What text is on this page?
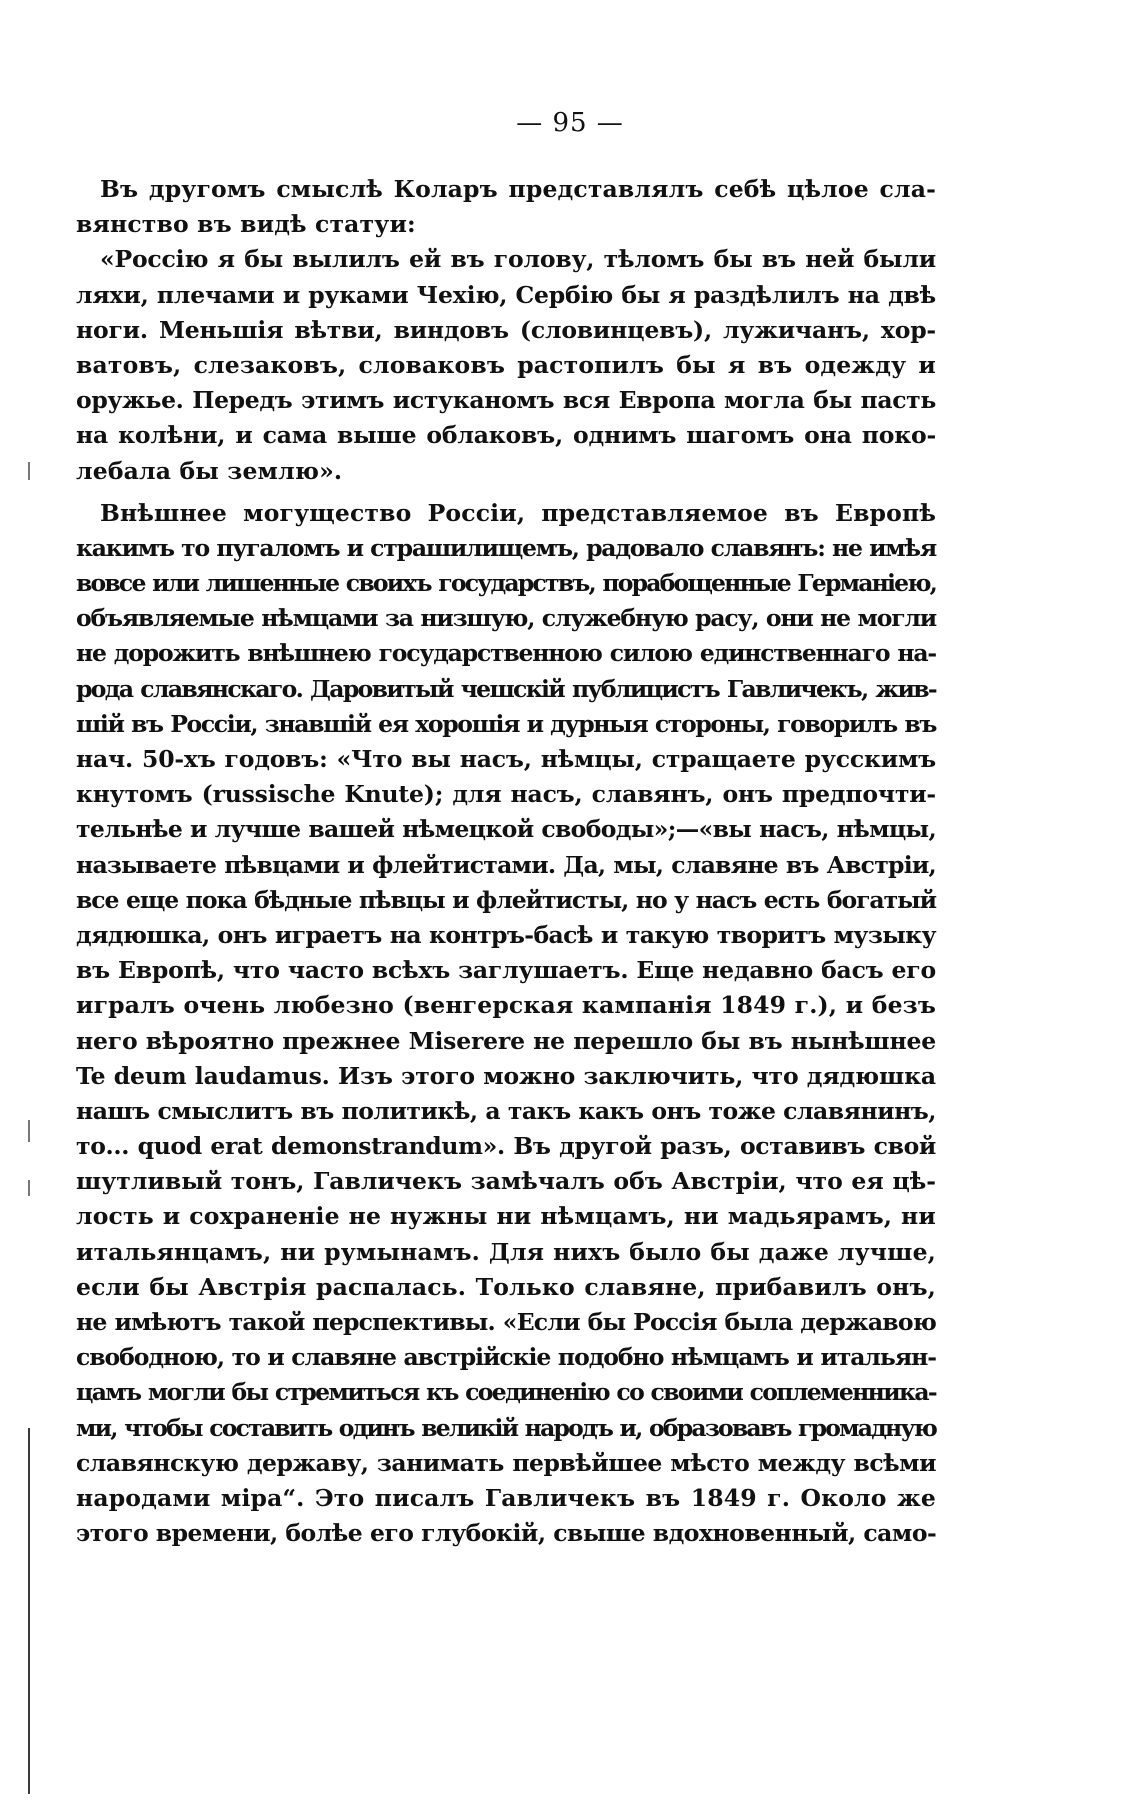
— 95 —
Въ другомъ смыслѣ Коларъ представлялъ себѣ цѣлое сла-
вянство въ видѣ статуи:
«Россію я бы вылилъ ей въ голову, тѣломъ бы въ ней были
ляхи, плечами и руками Чехію, Сербію бы я раздѣлилъ на двѣ
ноги. Меньшія вѣтви, виндовъ (словинцевъ), лужичанъ, хор-
ватовъ, слезаковъ, словаковъ растопилъ бы я въ одежду и
оружье. Передъ этимъ истуканомъ вся Европа могла бы пасть
на колѣни, и сама выше облаковъ, однимъ шагомъ она поко-
лебала бы землю».
Внѣшнее могущество Россіи, представляемое въ Европѣ
какимъ то пугаломъ и страшилищемъ, радовало славянъ: не имѣя
вовсе или лишенные своихъ государствъ, порабощенные Германіею,
объявляемые нѣмцами за низшую, служебную расу, они не могли
не дорожить внѣшнею государственною силою единственнаго на-
рода славянскаго. Даровитый чешскій публицистъ Гавличекъ, жив-
шій въ Россіи, знавшій ея хорошія и дурныя стороны, говорилъ въ
нач. 50-хъ годовъ: «Что вы насъ, нѣмцы, стращаете русскимъ
кнутомъ (russische Knute); для насъ, славянъ, онъ предпочти-
тельнѣе и лучше вашей нѣмецкой свободы»;—«вы насъ, нѣмцы,
называете пѣвцами и флейтистами. Да, мы, славяне въ Австріи,
все еще пока бѣдные пѣвцы и флейтисты, но у насъ есть богатый
дядюшка, онъ играетъ на контръ-басѣ и такую творитъ музыку
въ Европѣ, что часто всѣхъ заглушаетъ. Еще недавно басъ его
игралъ очень любезно (венгерская кампанія 1849 г.), и безъ
него вѣроятно прежнее Miserere не перешло бы въ нынѣшнее
Te deum laudamus. Изъ этого можно заключить, что дядюшка
нашъ смыслитъ въ политикѣ, а такъ какъ онъ тоже славянинъ,
то... quod erat demonstrandum». Въ другой разъ, оставивъ свой
шутливый тонъ, Гавличекъ замѣчалъ объ Австріи, что ея цѣ-
лость и сохраненіе не нужны ни нѣмцамъ, ни мадьярамъ, ни
итальянцамъ, ни румынамъ. Для нихъ было бы даже лучше,
если бы Австрія распалась. Только славяне, прибавилъ онъ,
не имѣютъ такой перспективы. «Если бы Россія была державою
свободною, то и славяне австрійскіе подобно нѣмцамъ и итальян-
цамъ могли бы стремиться къ соединенію со своими соплеменника-
ми, чтобы составить одинъ великій народъ и, образовавъ громадную
славянскую державу, занимать первѣйшее мѣсто между всѣми
народами міра“. Это писалъ Гавличекъ въ 1849 г. Около же
этого времени, болѣе его глубокій, свыше вдохновенный, само-
